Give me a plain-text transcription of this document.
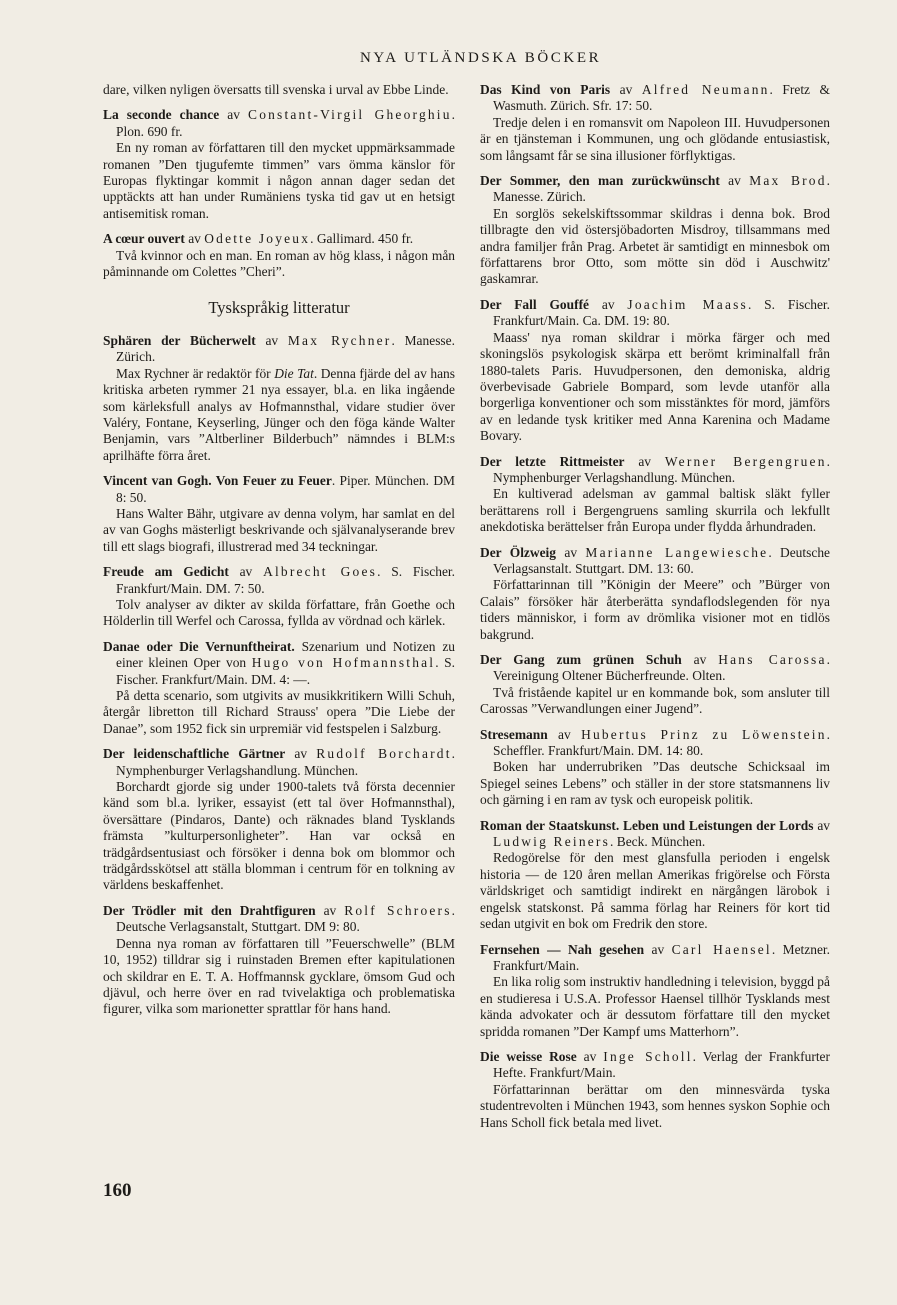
NYA UTLÄNDSKA BÖCKER

dare, vilken nyligen översatts till svenska i urval av Ebbe Linde.

La seconde chance av Constant-Virgil Gheorghiu. Plon. 690 fr.

En ny roman av författaren till den mycket uppmärksammade romanen ”Den tjugufemte timmen” vars ömma känslor för Europas flyktingar kommit i någon annan dager sedan det upptäckts att han under Rumäniens tyska tid gav ut en hetsigt antisemitisk roman.

A cœur ouvert av Odette Joyeux. Gallimard. 450 fr.

Två kvinnor och en man. En roman av hög klass, i någon mån påminnande om Colettes ”Cheri”.

Tyskspråkig litteratur

Sphären der Bücherwelt av Max Rychner. Manesse. Zürich.

Max Rychner är redaktör för Die Tat. Denna fjärde del av hans kritiska arbeten rymmer 21 nya essayer, bl.a. en lika ingående som kärleksfull analys av Hofmannsthal, vidare studier över Valéry, Fontane, Keyserling, Jünger och den föga kände Walter Benjamin, vars ”Altberliner Bilderbuch” nämndes i BLM:s aprilhäfte förra året.

Vincent van Gogh. Von Feuer zu Feuer. Piper. München. DM 8: 50.

Hans Walter Bähr, utgivare av denna volym, har samlat en del av van Goghs mästerligt beskrivande och självanalyserande brev till ett slags biografi, illustrerad med 34 teckningar.

Freude am Gedicht av Albrecht Goes. S. Fischer. Frankfurt/Main. DM. 7: 50.

Tolv analyser av dikter av skilda författare, från Goethe och Hölderlin till Werfel och Carossa, fyllda av vördnad och kärlek.

Danae oder Die Vernunftheirat. Szenarium und Notizen zu einer kleinen Oper von Hugo von Hofmannsthal. S. Fischer. Frankfurt/Main. DM. 4: —.

På detta scenario, som utgivits av musikkritikern Willi Schuh, återgår libretton till Richard Strauss' opera ”Die Liebe der Danae”, som 1952 fick sin urpremiär vid festspelen i Salzburg.

Der leidenschaftliche Gärtner av Rudolf Borchardt. Nymphenburger Verlagshandlung. München.

Borchardt gjorde sig under 1900-talets två första decennier känd som bl.a. lyriker, essayist (ett tal över Hofmannsthal), översättare (Pindaros, Dante) och räknades bland Tysklands främsta ”kulturpersonligheter”. Han var också en trädgårdsentusiast och försöker i denna bok om blommor och trädgårdsskötsel att ställa blomman i centrum för en tolkning av världens beskaffenhet.

Der Trödler mit den Drahtfiguren av Rolf Schroers. Deutsche Verlagsanstalt, Stuttgart. DM 9: 80.

Denna nya roman av författaren till ”Feuerschwelle” (BLM 10, 1952) tilldrar sig i ruinstaden Bremen efter kapitulationen och skildrar en E. T. A. Hoffmannsk gycklare, ömsom Gud och djävul, och herre över en rad tvivelaktiga och problematiska figurer, vilka som marionetter sprattlar för hans hand.

Das Kind von Paris av Alfred Neumann. Fretz & Wasmuth. Zürich. Sfr. 17: 50.

Tredje delen i en romansvit om Napoleon III. Huvudpersonen är en tjänsteman i Kommunen, ung och glödande entusiastisk, som långsamt får se sina illusioner förflyktigas.

Der Sommer, den man zurückwünscht av Max Brod. Manesse. Zürich.

En sorglös sekelskiftssommar skildras i denna bok. Brod tillbragte den vid östersjöbadorten Misdroy, tillsammans med andra familjer från Prag. Arbetet är samtidigt en minnesbok om författarens bror Otto, som mötte sin död i Auschwitz' gaskamrar.

Der Fall Gouffé av Joachim Maass. S. Fischer. Frankfurt/Main. Ca. DM. 19: 80.

Maass' nya roman skildrar i mörka färger och med skoningslös psykologisk skärpa ett berömt kriminalfall från 1880-talets Paris. Huvudpersonen, den demoniska, aldrig överbevisade Gabriele Bompard, som levde utanför alla borgerliga konventioner och som misstänktes för mord, jämförs av en ledande tysk kritiker med Anna Karenina och Madame Bovary.

Der letzte Rittmeister av Werner Bergengruen. Nymphenburger Verlagshandlung. München.

En kultiverad adelsman av gammal baltisk släkt fyller berättarens roll i Bergengruens samling skurrila och lekfullt anekdotiska berättelser från Europa under flydda århundraden.

Der Ölzweig av Marianne Langewiesche. Deutsche Verlagsanstalt. Stuttgart. DM. 13: 60.

Författarinnan till ”Königin der Meere” och ”Bürger von Calais” försöker här återberätta syndaflodslegenden för nya tiders människor, i form av drömlika visioner mot en tidlös bakgrund.

Der Gang zum grünen Schuh av Hans Carossa. Vereinigung Oltener Bücherfreunde. Olten.

Två fristående kapitel ur en kommande bok, som ansluter till Carossas ”Verwandlungen einer Jugend”.

Stresemann av Hubertus Prinz zu Löwenstein. Scheffler. Frankfurt/Main. DM. 14: 80.

Boken har underrubriken ”Das deutsche Schicksaal im Spiegel seines Lebens” och ställer in der store statsmannens liv och gärning i en ram av tysk och europeisk politik.

Roman der Staatskunst. Leben und Leistungen der Lords av Ludwig Reiners. Beck. München.

Redogörelse för den mest glansfulla perioden i engelsk historia — de 120 åren mellan Amerikas frigörelse och Första världskriget och samtidigt indirekt en närgången lärobok i engelsk statskonst. På samma förlag har Reiners för kort tid sedan utgivit en bok om Fredrik den store.

Fernsehen — Nah gesehen av Carl Haensel. Metzner. Frankfurt/Main.

En lika rolig som instruktiv handledning i television, byggd på en studieresa i U.S.A. Professor Haensel tillhör Tysklands mest kända advokater och är dessutom författare till den mycket spridda romanen ”Der Kampf ums Matterhorn”.

Die weisse Rose av Inge Scholl. Verlag der Frankfurter Hefte. Frankfurt/Main.

Författarinnan berättar om den minnesvärda tyska studentrevolten i München 1943, som hennes syskon Sophie och Hans Scholl fick betala med livet.

160
